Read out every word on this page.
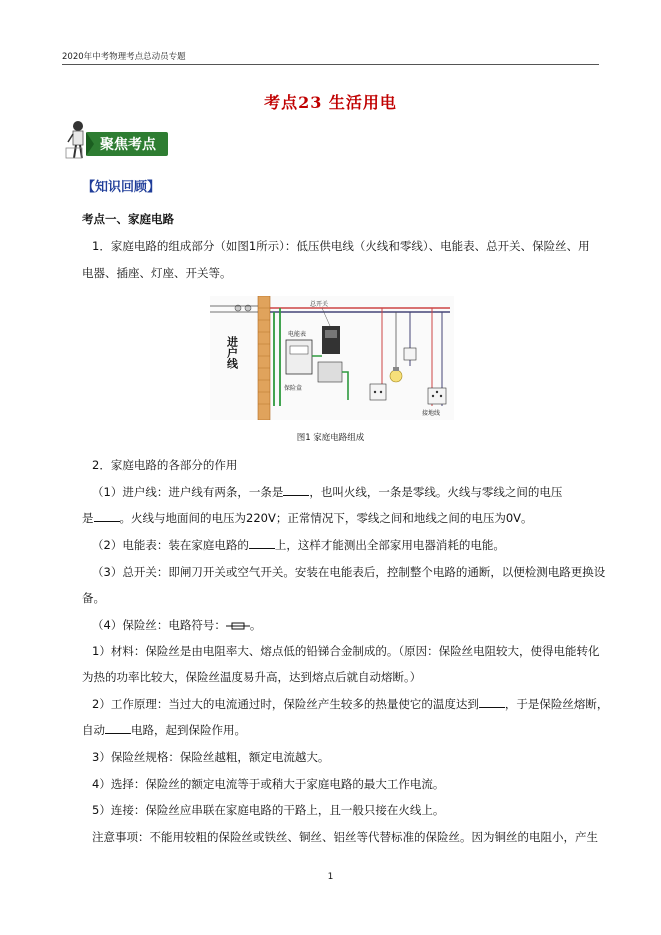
2020年中考物理考点总动员专题
考点23 生活用电
聚焦考点
【知识回顾】
考点一、家庭电路
1．家庭电路的组成部分（如图1所示）：低压供电线（火线和零线）、电能表、总开关、保险丝、用
电器、插座、灯座、开关等。
进户线
电能表
总开关
保险盒
接地线
图1 家庭电路组成
2．家庭电路的各部分的作用
（1）进户线：进户线有两条，一条是 ，也叫火线，一条是零线。火线与零线之间的电压
是 。火线与地面间的电压为220V；正常情况下，零线之间和地线之间的电压为0V。
（2）电能表：装在家庭电路的 上，这样才能测出全部家用电器消耗的电能。
（3）总开关：即闸刀开关或空气开关。安装在电能表后，控制整个电路的通断，以便检测电路更换设
备。
（4）保险丝：电路符号： 。
1）材料：保险丝是由电阻率大、熔点低的铅锑合金制成的。（原因：保险丝电阻较大，使得电能转化
为热的功率比较大，保险丝温度易升高，达到熔点后就自动熔断。）
2）工作原理：当过大的电流通过时，保险丝产生较多的热量使它的温度达到 ，于是保险丝熔断，
自动 电路，起到保险作用。
3）保险丝规格：保险丝越粗，额定电流越大。
4）选择：保险丝的额定电流等于或稍大于家庭电路的最大工作电流。
5）连接：保险丝应串联在家庭电路的干路上，且一般只接在火线上。
注意事项：不能用较粗的保险丝或铁丝、铜丝、铝丝等代替标准的保险丝。因为铜丝的电阻小，产生
1
